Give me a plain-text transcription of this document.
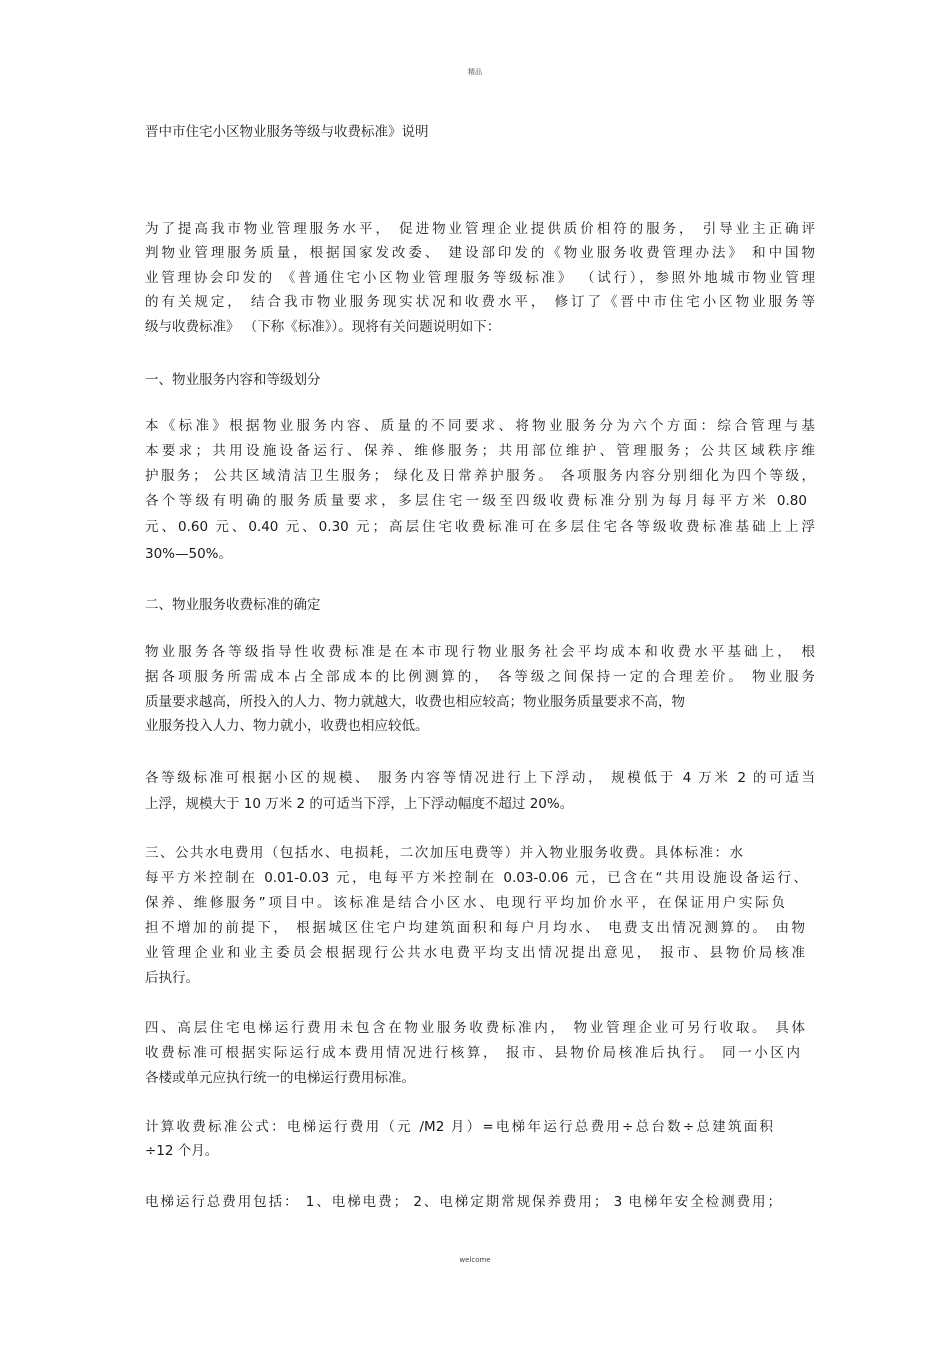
精品
晋中市住宅小区物业服务等级与收费标准》说明
为了提高我市物业管理服务水平， 促进物业管理企业提供质价相符的服务， 引导业主正确评
判物业管理服务质量，根据国家发改委、 建设部印发的《物业服务收费管理办法》 和中国物
业管理协会印发的 《普通住宅小区物业管理服务等级标准》 （试行），参照外地城市物业管理
的有关规定， 结合我市物业服务现实状况和收费水平， 修订了《晋中市住宅小区物业服务等
级与收费标准》 （下称《标准》）。现将有关问题说明如下：
一、物业服务内容和等级划分
本《标准》根据物业服务内容、质量的不同要求、将物业服务分为六个方面：综合管理与基
本要求；共用设施设备运行、保养、维修服务；共用部位维护、管理服务；公共区域秩序维
护服务； 公共区域清洁卫生服务； 绿化及日常养护服务。 各项服务内容分别细化为四个等级，
各个等级有明确的服务质量要求，多层住宅一级至四级收费标准分别为每月每平方米 0.80
元、0.60 元、0.40 元、0.30 元；高层住宅收费标准可在多层住宅各等级收费标准基础上上浮
30%—50%。
二、物业服务收费标准的确定
物业服务各等级指导性收费标准是在本市现行物业服务社会平均成本和收费水平基础上， 根
据各项服务所需成本占全部成本的比例测算的， 各等级之间保持一定的合理差价。 物业服务
质量要求越高，所投入的人力、物力就越大，收费也相应较高；物业服务质量要求不高，物
业服务投入人力、物力就小，收费也相应较低。
各等级标准可根据小区的规模、 服务内容等情况进行上下浮动， 规模低于 4 万米 2 的可适当
上浮，规模大于 10 万米 2 的可适当下浮，上下浮动幅度不超过 20%。
三、公共水电费用（包括水、电损耗，二次加压电费等）并入物业服务收费。具体标准：水
每平方米控制在 0.01-0.03 元，电每平方米控制在 0.03-0.06 元，已含在“共用设施设备运行、
保养、维修服务”项目中。该标准是结合小区水、电现行平均加价水平，在保证用户实际负
担不增加的前提下， 根据城区住宅户均建筑面积和每户月均水、 电费支出情况测算的。 由物
业管理企业和业主委员会根据现行公共水电费平均支出情况提出意见， 报市、县物价局核准
后执行。
四、高层住宅电梯运行费用未包含在物业服务收费标准内， 物业管理企业可另行收取。 具体
收费标准可根据实际运行成本费用情况进行核算， 报市、县物价局核准后执行。 同一小区内
各楼或单元应执行统一的电梯运行费用标准。
计算收费标准公式：电梯运行费用（元 /M2 月）=电梯年运行总费用÷总台数÷总建筑面积
÷12 个月。
电梯运行总费用包括： 1、电梯电费； 2、电梯定期常规保养费用； 3 电梯年安全检测费用；
welcome
